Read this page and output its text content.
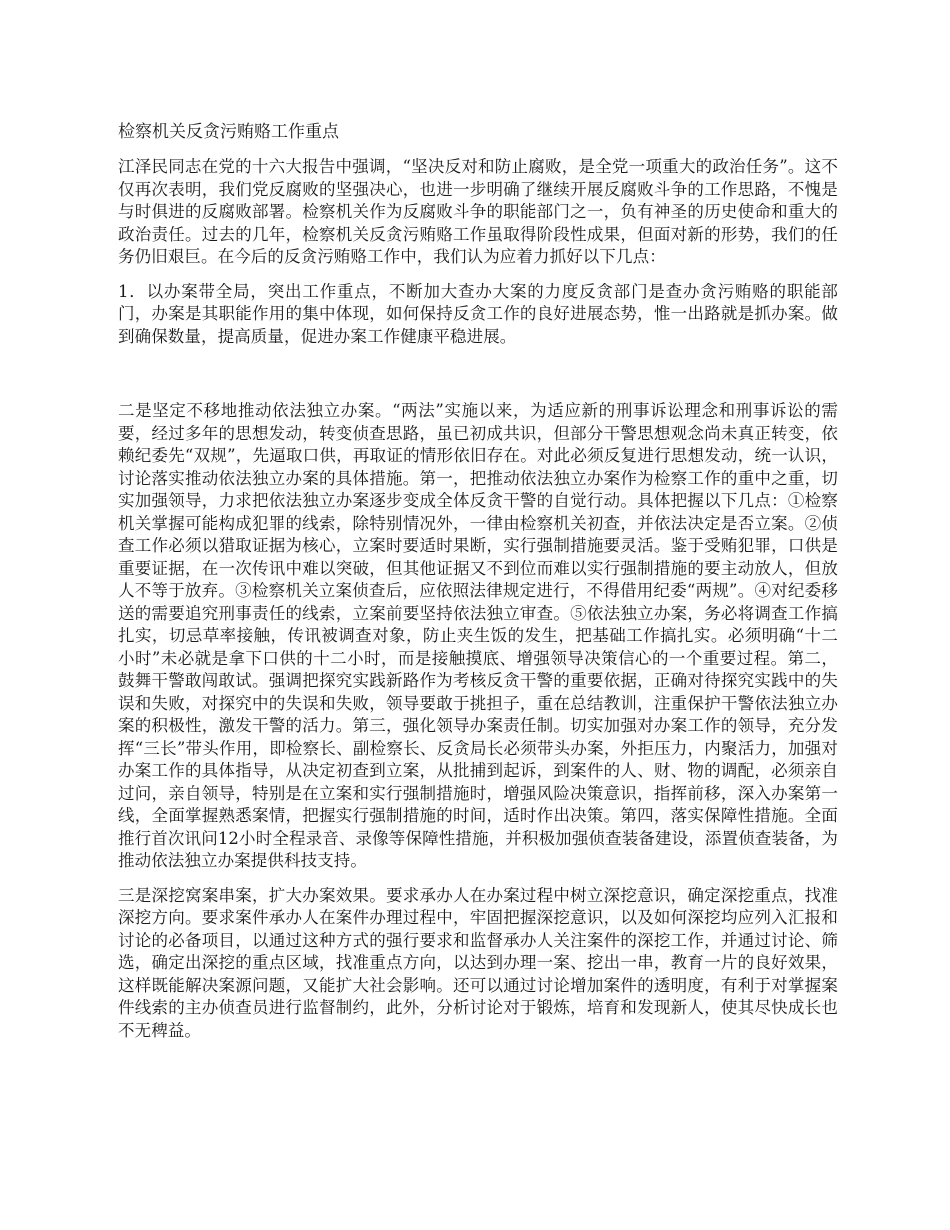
检察机关反贪污贿赂工作重点

江泽民同志在党的十六大报告中强调，“坚决反对和防止腐败，是全党一项重大的政治任务”。这不仅再次表明，我们党反腐败的坚强决心，也进一步明确了继续开展反腐败斗争的工作思路，不愧是与时俱进的反腐败部署。检察机关作为反腐败斗争的职能部门之一，负有神圣的历史使命和重大的政治责任。过去的几年，检察机关反贪污贿赂工作虽取得阶段性成果，但面对新的形势，我们的任务仍旧艰巨。在今后的反贪污贿赂工作中，我们认为应着力抓好以下几点：

1．以办案带全局，突出工作重点，不断加大查办大案的力度反贪部门是查办贪污贿赂的职能部门，办案是其职能作用的集中体现，如何保持反贪工作的良好进展态势，惟一出路就是抓办案。做到确保数量，提高质量，促进办案工作健康平稳进展。

二是坚定不移地推动依法独立办案。“两法”实施以来，为适应新的刑事诉讼理念和刑事诉讼的需要，经过多年的思想发动，转变侦查思路，虽已初成共识，但部分干警思想观念尚未真正转变，依赖纪委先“双规”，先逼取口供，再取证的情形依旧存在。对此必须反复进行思想发动，统一认识，讨论落实推动依法独立办案的具体措施。第一，把推动依法独立办案作为检察工作的重中之重，切实加强领导，力求把依法独立办案逐步变成全体反贪干警的自觉行动。具体把握以下几点：①检察机关掌握可能构成犯罪的线索，除特别情况外，一律由检察机关初查，并依法决定是否立案。②侦查工作必须以猎取证据为核心，立案时要适时果断，实行强制措施要灵活。鉴于受贿犯罪，口供是重要证据，在一次传讯中难以突破，但其他证据又不到位而难以实行强制措施的要主动放人，但放人不等于放弃。③检察机关立案侦查后，应依照法律规定进行，不得借用纪委“两规”。④对纪委移送的需要追究刑事责任的线索，立案前要坚持依法独立审查。⑤依法独立办案，务必将调查工作搞扎实，切忌草率接触，传讯被调查对象，防止夹生饭的发生，把基础工作搞扎实。必须明确“十二小时”未必就是拿下口供的十二小时，而是接触摸底、增强领导决策信心的一个重要过程。第二，鼓舞干警敢闯敢试。强调把探究实践新路作为考核反贪干警的重要依据，正确对待探究实践中的失误和失败，对探究中的失误和失败，领导要敢于挑担子，重在总结教训，注重保护干警依法独立办案的积极性，激发干警的活力。第三，强化领导办案责任制。切实加强对办案工作的领导，充分发挥“三长”带头作用，即检察长、副检察长、反贪局长必须带头办案，外拒压力，内聚活力，加强对办案工作的具体指导，从决定初查到立案，从批捕到起诉，到案件的人、财、物的调配，必须亲自过问，亲自领导，特别是在立案和实行强制措施时，增强风险决策意识，指挥前移，深入办案第一线，全面掌握熟悉案情，把握实行强制措施的时间，适时作出决策。第四，落实保障性措施。全面推行首次讯问12小时全程录音、录像等保障性措施，并积极加强侦查装备建设，添置侦查装备，为推动依法独立办案提供科技支持。

三是深挖窝案串案，扩大办案效果。要求承办人在办案过程中树立深挖意识，确定深挖重点，找准深挖方向。要求案件承办人在案件办理过程中，牢固把握深挖意识，以及如何深挖均应列入汇报和讨论的必备项目，以通过这种方式的强行要求和监督承办人关注案件的深挖工作，并通过讨论、筛选，确定出深挖的重点区域，找准重点方向，以达到办理一案、挖出一串，教育一片的良好效果，这样既能解决案源问题，又能扩大社会影响。还可以通过讨论增加案件的透明度，有利于对掌握案件线索的主办侦查员进行监督制约，此外，分析讨论对于锻炼，培育和发现新人，使其尽快成长也不无稗益。
